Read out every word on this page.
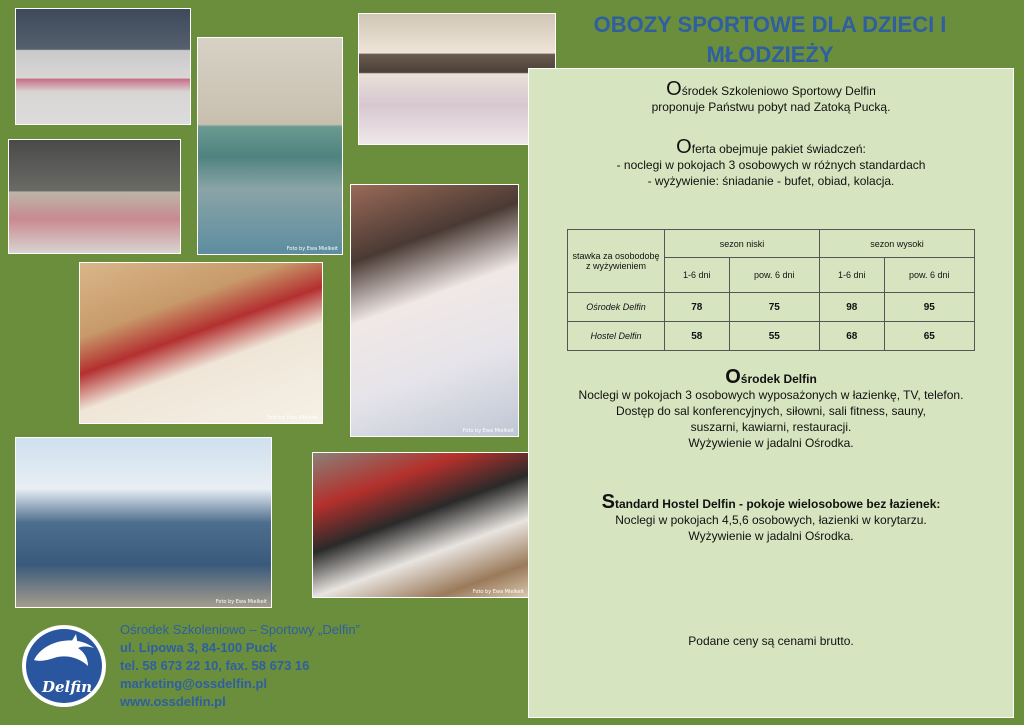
Foto by Ewa Mielkeit
Foto by Ewa Mielkeit
Foto by Ewa Mielkeit
Foto by Ewa Mielkeit
Foto by Ewa Mielkeit
OBOZY SPORTOWE DLA DZIECI I
MŁODZIEŻY
Ośrodek Szkoleniowo Sportowy Delfin
proponuje Państwu pobyt nad Zatoką Pucką.
Oferta obejmuje pakiet świadczeń:
- noclegi w pokojach 3 osobowych w różnych standardach
- wyżywienie: śniadanie - bufet, obiad, kolacja.
stawka za osobodobę z wyżywieniem	sezon niski		sezon wysoki	
	1-6 dni	pow. 6 dni	1-6 dni	pow. 6 dni
Ośrodek Delfin	78	75	98	95
Hostel Delfin	58	55	68	65
Ośrodek Delfin
Noclegi w pokojach 3 osobowych wyposażonych w łazienkę, TV, telefon.
Dostęp do sal konferencyjnych, siłowni, sali fitness, sauny,
suszarni, kawiarni, restauracji.
Wyżywienie w jadalni Ośrodka.
Standard Hostel Delfin - pokoje wielosobowe bez łazienek:
Noclegi w pokojach 4,5,6 osobowych, łazienki w korytarzu.
Wyżywienie w jadalni Ośrodka.
Podane ceny są cenami brutto.
Delfin
Ośrodek Szkoleniowo – Sportowy „Delfin”
ul. Lipowa 3, 84-100 Puck
tel. 58 673 22 10, fax. 58 673 16
marketing@ossdelfin.pl
www.ossdelfin.pl
